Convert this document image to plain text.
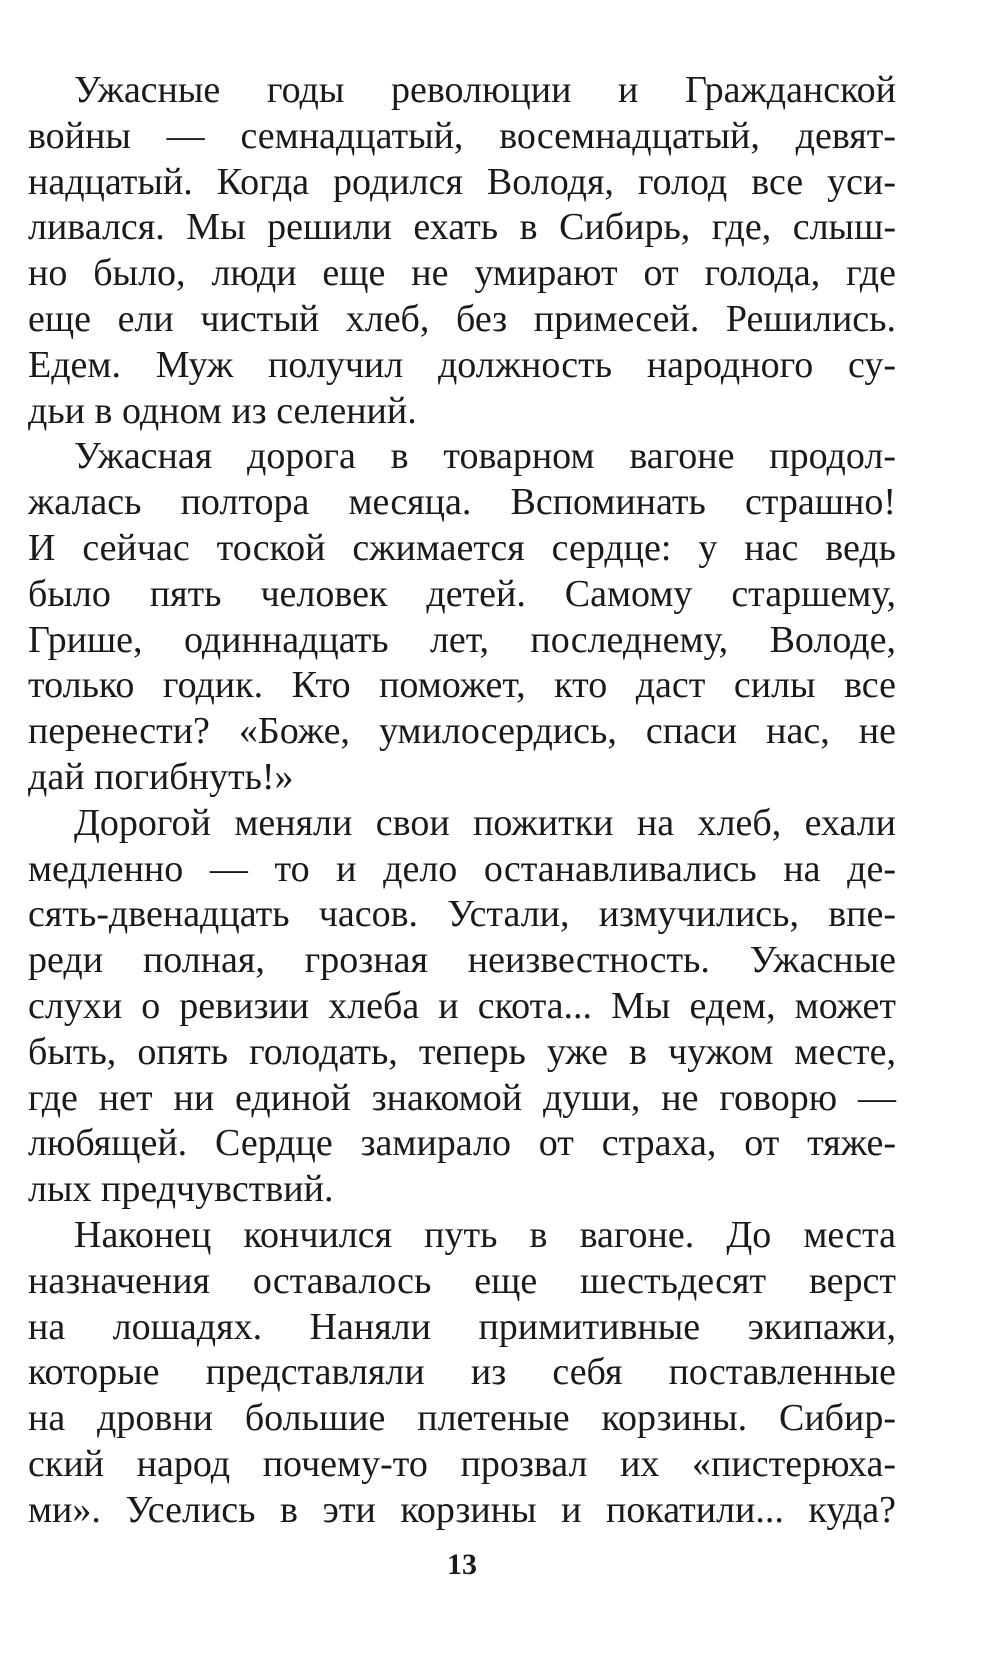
Ужасные годы революции и Гражданской
войны — семнадцатый, восемнадцатый, девят-
надцатый. Когда родился Володя, голод все уси-
ливался. Мы решили ехать в Сибирь, где, слыш-
но было, люди еще не умирают от голода, где
еще ели чистый хлеб, без примесей. Решились.
Едем. Муж получил должность народного су-
дьи в одном из селений.

Ужасная дорога в товарном вагоне продол-
жалась полтора месяца. Вспоминать страшно!
И сейчас тоской сжимается сердце: у нас ведь
было пять человек детей. Самому старшему,
Грише, одиннадцать лет, последнему, Володе,
только годик. Кто поможет, кто даст силы все
перенести? «Боже, умилосердись, спаси нас, не
дай погибнуть!»

Дорогой меняли свои пожитки на хлеб, ехали
медленно — то и дело останавливались на де-
сять-двенадцать часов. Устали, измучились, впе-
реди полная, грозная неизвестность. Ужасные
слухи о ревизии хлеба и скота... Мы едем, может
быть, опять голодать, теперь уже в чужом месте,
где нет ни единой знакомой души, не говорю —
любящей. Сердце замирало от страха, от тяже-
лых предчувствий.

Наконец кончился путь в вагоне. До места
назначения оставалось еще шестьдесят верст
на лошадях. Наняли примитивные экипажи,
которые представляли из себя поставленные
на дровни большие плетеные корзины. Сибир-
ский народ почему-то прозвал их «пистерюха-
ми». Уселись в эти корзины и покатили... куда?

13
